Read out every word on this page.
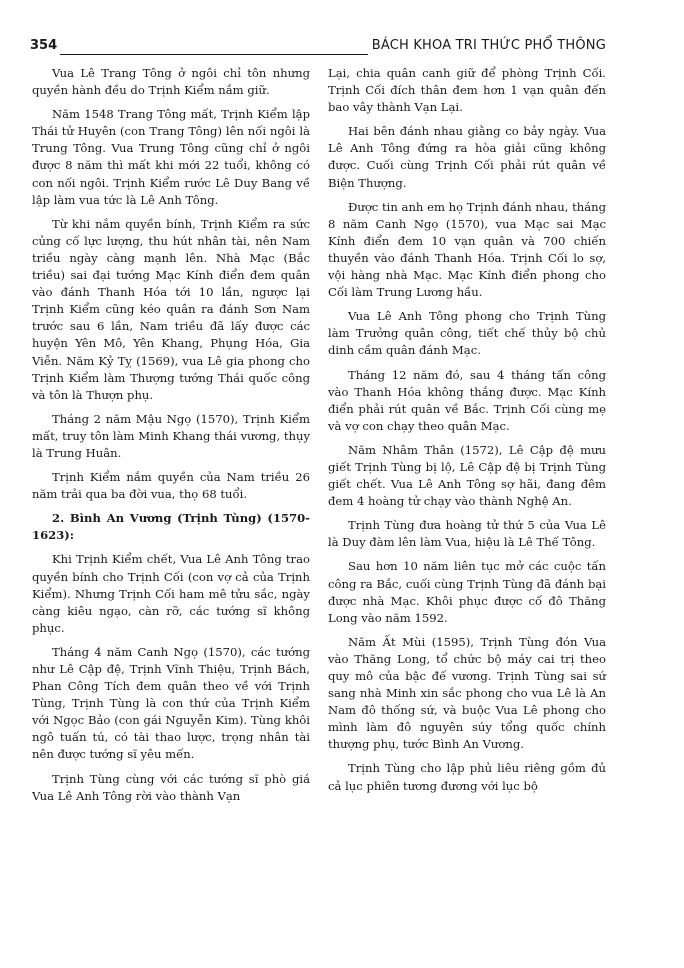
354	BÁCH KHOA TRI THỨC PHỔ THÔNG

Vua Lê Trang Tông ở ngôi chỉ tôn nhưng quyền hành đều do Trịnh Kiểm nắm giữ.

Năm 1548 Trang Tông mất, Trịnh Kiểm lập Thái tử Huyên (con Trang Tông) lên nối ngôi là Trung Tông. Vua Trung Tông cũng chỉ ở ngôi được 8 năm thì mất khi mới 22 tuổi, không có con nối ngôi. Trịnh Kiểm rước Lê Duy Bang về lập làm vua tức là Lê Anh Tông.

Từ khi nắm quyền bính, Trịnh Kiểm ra sức củng cố lực lượng, thu hút nhân tài, nên Nam triều ngày càng mạnh lên. Nhà Mạc (Bắc triều) sai đại tướng Mạc Kính điển đem quân vào đánh Thanh Hóa tới 10 lần, ngược lại Trịnh Kiểm cũng kéo quân ra đánh Sơn Nam trước sau 6 lần, Nam triều đã lấy được các huyện Yên Mô, Yên Khang, Phụng Hóa, Gia Viễn. Năm Kỷ Tỵ (1569), vua Lê gia phong cho Trịnh Kiểm làm Thượng tướng Thái quốc công và tôn là Thượn phụ.

Tháng 2 năm Mậu Ngọ (1570), Trịnh Kiểm mất, truy tôn làm Minh Khang thái vương, thụy là Trung Huân.

Trịnh Kiểm nắm quyền của Nam triều 26 năm trải qua ba đời vua, thọ 68 tuổi.

2. Bình An Vương (Trịnh Tùng) (1570-1623):

Khi Trịnh Kiểm chết, Vua Lê Anh Tông trao quyền bính cho Trịnh Cối (con vợ cả của Trịnh Kiểm). Nhưng Trịnh Cối ham mê tửu sắc, ngày càng kiêu ngạo, càn rỡ, các tướng sĩ không phục.

Tháng 4 năm Canh Ngọ (1570), các tướng như Lê Cập đệ, Trịnh Vĩnh Thiệu, Trịnh Bách, Phan Công Tích đem quân theo về với Trịnh Tùng, Trịnh Tùng là con thứ của Trịnh Kiểm với Ngọc Bảo (con gái Nguyễn Kim). Tùng khôi ngô tuấn tú, có tài thao lược, trọng nhân tài nên được tướng sĩ yêu mến.

Trịnh Tùng cùng với các tướng sĩ phò giá Vua Lê Anh Tông rời vào thành Vạn

Lại, chia quân canh giữ để phòng Trịnh Cối. Trịnh Cối đích thân đem hơn 1 vạn quân đến bao vây thành Vạn Lại.

Hai bên đánh nhau giằng co bảy ngày. Vua Lê Anh Tông đứng ra hòa giải cũng không được. Cuối cùng Trịnh Cối phải rút quân về Biện Thượng.

Được tin anh em họ Trịnh đánh nhau, tháng 8 năm Canh Ngọ (1570), vua Mạc sai Mạc Kính điển đem 10 vạn quân và 700 chiến thuyền vào đánh Thanh Hóa. Trịnh Cối lo sợ, vội hàng nhà Mạc. Mạc Kính điển phong cho Cối làm Trung Lương hầu.

Vua Lê Anh Tông phong cho Trịnh Tùng làm Trưởng quân công, tiết chế thủy bộ chủ dinh cầm quân đánh Mạc.

Tháng 12 năm đó, sau 4 tháng tấn công vào Thanh Hóa không thắng được. Mạc Kính điển phải rút quân về Bắc. Trịnh Cối cùng mẹ và vợ con chạy theo quân Mạc.

Năm Nhâm Thân (1572), Lê Cập đệ mưu giết Trịnh Tùng bị lộ, Lê Cập đệ bị Trịnh Tùng giết chết. Vua Lê Anh Tông sợ hãi, đang đêm đem 4 hoàng tử chạy vào thành Nghệ An.

Trịnh Tùng đưa hoàng tử thứ 5 của Vua Lê là Duy đàm lên làm Vua, hiệu là Lê Thế Tông.

Sau hơn 10 năm liên tục mở các cuộc tấn công ra Bắc, cuối cùng Trịnh Tùng đã đánh bại được nhà Mạc. Khôi phục được cố đô Thăng Long vào năm 1592.

Năm Ất Mùi (1595), Trịnh Tùng đón Vua vào Thăng Long, tổ chức bộ máy cai trị theo quy mô của bậc đế vương. Trịnh Tùng sai sứ sang nhà Minh xin sắc phong cho vua Lê là An Nam đô thống sứ, và buộc Vua Lê phong cho mình làm đô nguyên súy tổng quốc chính thượng phụ, tước Bình An Vương.

Trịnh Tùng cho lập phủ liêu riêng gồm đủ cả lục phiên tương đương với lục bộ
